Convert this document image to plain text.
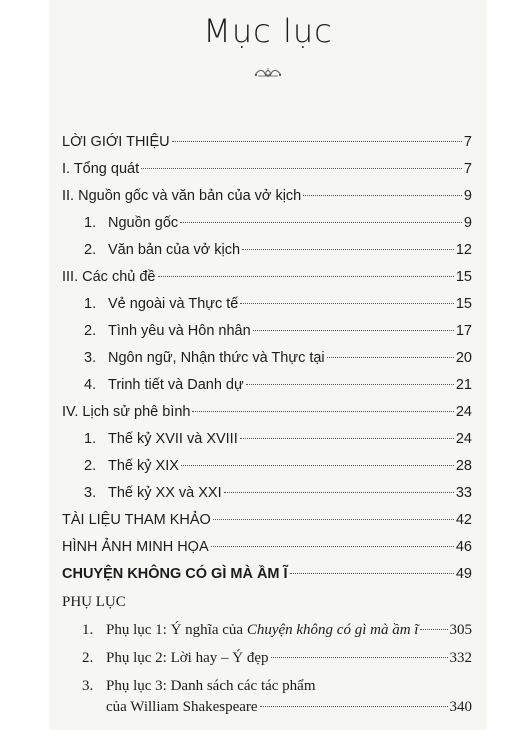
Mục lục
LỜI GIỚI THIỆU	7
I. Tổng quát	7
II. Nguồn gốc và văn bản của vở kịch	9
1. Nguồn gốc	9
2. Văn bản của vở kịch	12
III. Các chủ đề	15
1. Vẻ ngoài và Thực tế	15
2. Tình yêu và Hôn nhân	17
3. Ngôn ngữ, Nhận thức và Thực tại	20
4. Trinh tiết và Danh dự	21
IV. Lịch sử phê bình	24
1. Thế kỷ XVII và XVIII	24
2. Thế kỷ XIX	28
3. Thế kỷ XX và XXI	33
TÀI LIỆU THAM KHẢO	42
HÌNH ẢNH MINH HỌA	46
CHUYỆN KHÔNG CÓ GÌ MÀ ẦM Ĩ	49
PHỤ LỤC
1. Phụ lục 1: Ý nghĩa của Chuyện không có gì mà ầm ĩ 305
2. Phụ lục 2: Lời hay – Ý đẹp	332
3. Phụ lục 3: Danh sách các tác phẩm
của William Shakespeare	340
